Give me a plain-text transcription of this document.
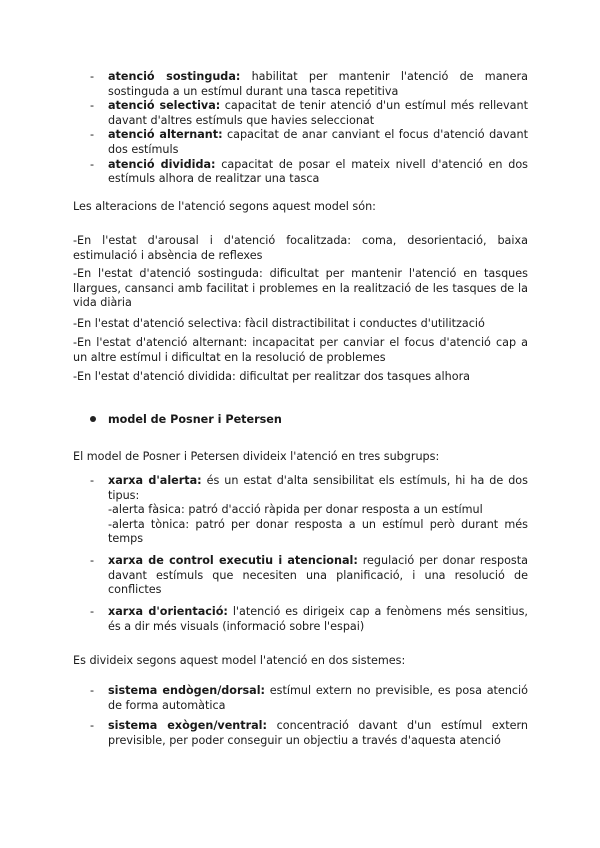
- atenció sostinguda: habilitat per mantenir l'atenció de manera sostinguda a un estímul durant una tasca repetitiva
- atenció selectiva: capacitat de tenir atenció d'un estímul més rellevant davant d'altres estímuls que havies seleccionat
- atenció alternant: capacitat de anar canviant el focus d'atenció davant dos estímuls
- atenció dividida: capacitat de posar el mateix nivell d'atenció en dos estímuls alhora de realitzar una tasca
Les alteracions de l'atenció segons aquest model són:
-En l'estat d'arousal i d'atenció focalitzada: coma, desorientació, baixa estimulació i absència de reflexes
-En l'estat d'atenció sostinguda: dificultat per mantenir l'atenció en tasques llargues, cansanci amb facilitat i problemes en la realització de les tasques de la vida diària
-En l'estat d'atenció selectiva: fàcil distractibilitat i conductes d'utilització
-En l'estat d'atenció alternant: incapacitat per canviar el focus d'atenció cap a un altre estímul i dificultat en la resolució de problemes
-En l'estat d'atenció dividida: dificultat per realitzar dos tasques alhora
model de Posner i Petersen
El model de Posner i Petersen divideix l'atenció en tres subgrups:
- xarxa d'alerta: és un estat d'alta sensibilitat els estímuls, hi ha de dos tipus:
-alerta fàsica: patró d'acció ràpida per donar resposta a un estímul
-alerta tònica: patró per donar resposta a un estímul però durant més temps
- xarxa de control executiu i atencional: regulació per donar resposta davant estímuls que necesiten una planificació, i una resolució de conflictes
- xarxa d'orientació: l'atenció es dirigeix cap a fenòmens més sensitius, és a dir més visuals (informació sobre l'espai)
Es divideix segons aquest model l'atenció en dos sistemes:
- sistema endògen/dorsal: estímul extern no previsible, es posa atenció de forma automàtica
- sistema exògen/ventral: concentració davant d'un estímul extern previsible, per poder conseguir un objectiu a través d'aquesta atenció
